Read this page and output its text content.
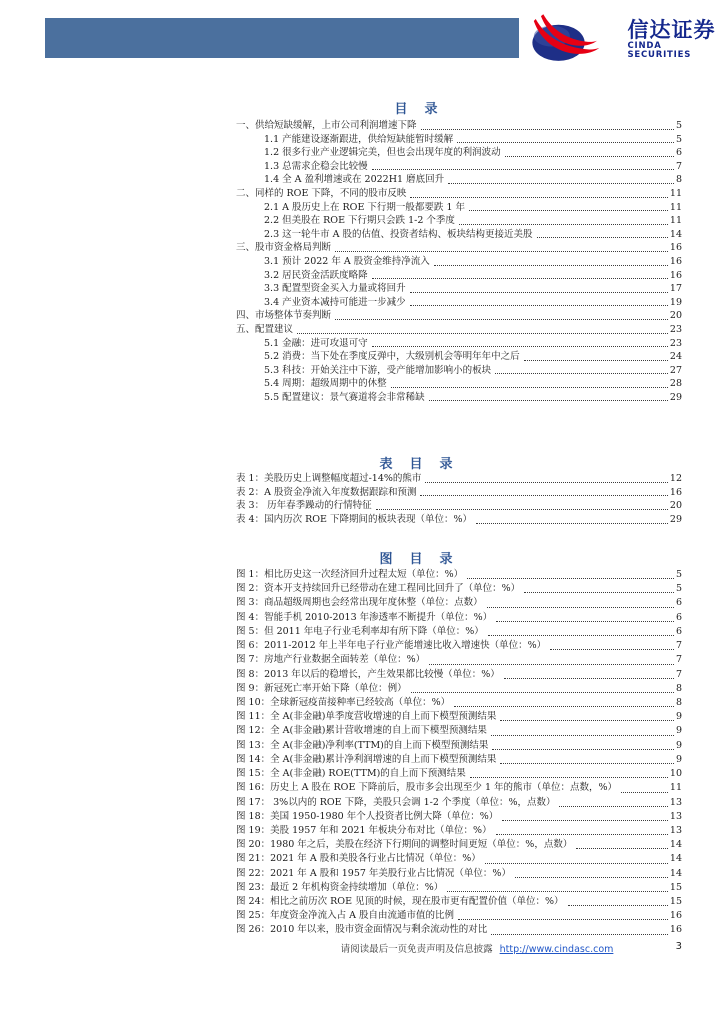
信达证券
CINDA SECURITIES
目　录
一、供给短缺缓解，上市公司利润增速下降	5
1.1 产能建设逐渐跟进，供给短缺能暂时缓解	5
1.2 很多行业产业逻辑完美，但也会出现年度的利润波动	6
1.3 总需求企稳会比较慢	7
1.4 全 A 盈利增速或在 2022H1 磨底回升	8
二、同样的 ROE 下降，不同的股市反映	11
2.1 A 股历史上在 ROE 下行期一般都要跌 1 年	11
2.2 但美股在 ROE 下行期只会跌 1-2 个季度	11
2.3 这一轮牛市 A 股的估值、投资者结构、板块结构更接近美股	14
三、股市资金格局判断	16
3.1 预计 2022 年 A 股资金维持净流入	16
3.2 居民资金活跃度略降	16
3.3 配置型资金买入力量或将回升	17
3.4 产业资本减持可能进一步减少	19
四、市场整体节奏判断	20
五、配置建议	23
5.1 金融：进可攻退可守	23
5.2 消费：当下处在季度反弹中，大级别机会等明年年中之后	24
5.3 科技：开始关注中下游，受产能增加影响小的板块	27
5.4 周期：超级周期中的休整	28
5.5 配置建议：景气赛道将会非常稀缺	29
表　目　录
表 1：美股历史上调整幅度超过-14%的熊市	12
表 2：A 股资金净流入年度数据跟踪和预测	16
表 3： 历年春季躁动的行情特征	20
表 4：国内历次 ROE 下降期间的板块表现（单位：%）	29
图　目　录
图 1：相比历史这一次经济回升过程太短（单位：%）	5
图 2：资本开支持续回升已经带动在建工程同比回升了（单位：%）	5
图 3：商品超级周期也会经常出现年度休整（单位：点数）	6
图 4：智能手机 2010-2013 年渗透率不断提升（单位：%）	6
图 5：但 2011 年电子行业毛利率却有所下降（单位：%）	6
图 6：2011-2012 年上半年电子行业产能增速比收入增速快（单位：%）	7
图 7：房地产行业数据全面转差（单位：%）	7
图 8：2013 年以后的稳增长，产生效果都比较慢（单位：%）	7
图 9：新冠死亡率开始下降（单位：例）	8
图 10：全球新冠疫苗接种率已经较高（单位：%）	8
图 11：全 A(非金融)单季度营收增速的自上而下模型预测结果	9
图 12：全 A(非金融)累计营收增速的自上而下模型预测结果	9
图 13：全 A(非金融)净利率(TTM)的自上而下模型预测结果	9
图 14：全 A(非金融)累计净利润增速的自上而下模型预测结果	9
图 15：全 A(非金融) ROE(TTM)的自上而下预测结果	10
图 16：历史上 A 股在 ROE 下降前后，股市多会出现至少 1 年的熊市（单位：点数，%）	11
图 17： 3%以内的 ROE 下降，美股只会调 1-2 个季度（单位：%，点数）	13
图 18：美国 1950-1980 年个人投资者比例大降（单位：%）	13
图 19：美股 1957 年和 2021 年板块分布对比（单位：%）	13
图 20：1980 年之后，美股在经济下行期间的调整时间更短（单位：%，点数）	14
图 21：2021 年 A 股和美股各行业占比情况（单位：%）	14
图 22：2021 年 A 股和 1957 年美股行业占比情况（单位：%）	14
图 23：最近 2 年机构资金持续增加（单位：%）	15
图 24：相比之前历次 ROE 见顶的时候，现在股市更有配置价值（单位：%）	15
图 25：年度资金净流入占 A 股自由流通市值的比例	16
图 26：2010 年以来，股市资金面情况与剩余流动性的对比	16
请阅读最后一页免责声明及信息披露 http://www.cindasc.com	3
